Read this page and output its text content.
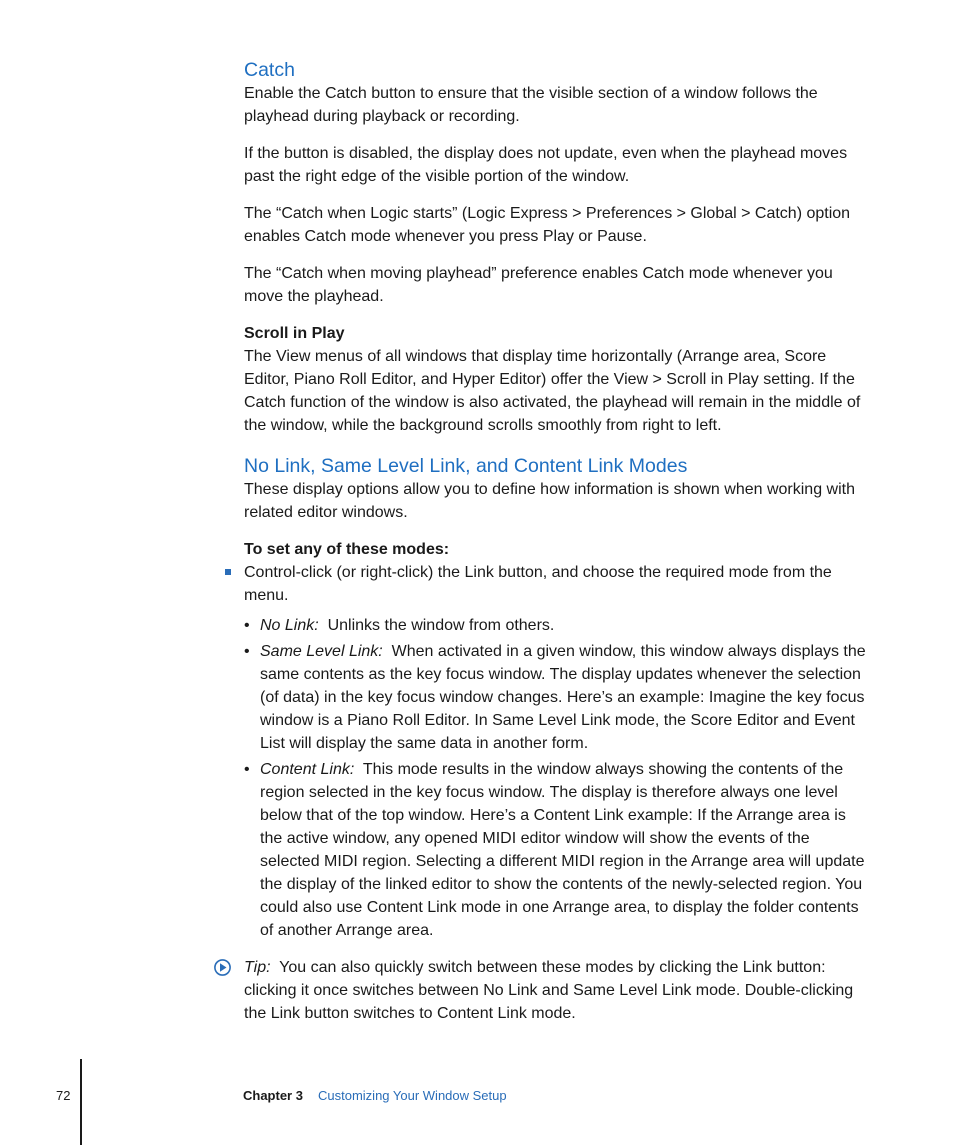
Catch

Enable the Catch button to ensure that the visible section of a window follows the playhead during playback or recording.

If the button is disabled, the display does not update, even when the playhead moves past the right edge of the visible portion of the window.

The “Catch when Logic starts” (Logic Express > Preferences > Global > Catch) option enables Catch mode whenever you press Play or Pause.

The “Catch when moving playhead” preference enables Catch mode whenever you move the playhead.

Scroll in Play

The View menus of all windows that display time horizontally (Arrange area, Score Editor, Piano Roll Editor, and Hyper Editor) offer the View > Scroll in Play setting. If the Catch function of the window is also activated, the playhead will remain in the middle of the window, while the background scrolls smoothly from right to left.

No Link, Same Level Link, and Content Link Modes

These display options allow you to define how information is shown when working with related editor windows.

To set any of these modes:

Control-click (or right-click) the Link button, and choose the required mode from the menu.

• No Link: Unlinks the window from others.
• Same Level Link: When activated in a given window, this window always displays the same contents as the key focus window. The display updates whenever the selection (of data) in the key focus window changes. Here’s an example: Imagine the key focus window is a Piano Roll Editor. In Same Level Link mode, the Score Editor and Event List will display the same data in another form.
• Content Link: This mode results in the window always showing the contents of the region selected in the key focus window. The display is therefore always one level below that of the top window. Here’s a Content Link example: If the Arrange area is the active window, any opened MIDI editor window will show the events of the selected MIDI region. Selecting a different MIDI region in the Arrange area will update the display of the linked editor to show the contents of the newly-selected region. You could also use Content Link mode in one Arrange area, to display the folder contents of another Arrange area.

Tip: You can also quickly switch between these modes by clicking the Link button: clicking it once switches between No Link and Same Level Link mode. Double-clicking the Link button switches to Content Link mode.

72	Chapter 3 Customizing Your Window Setup
